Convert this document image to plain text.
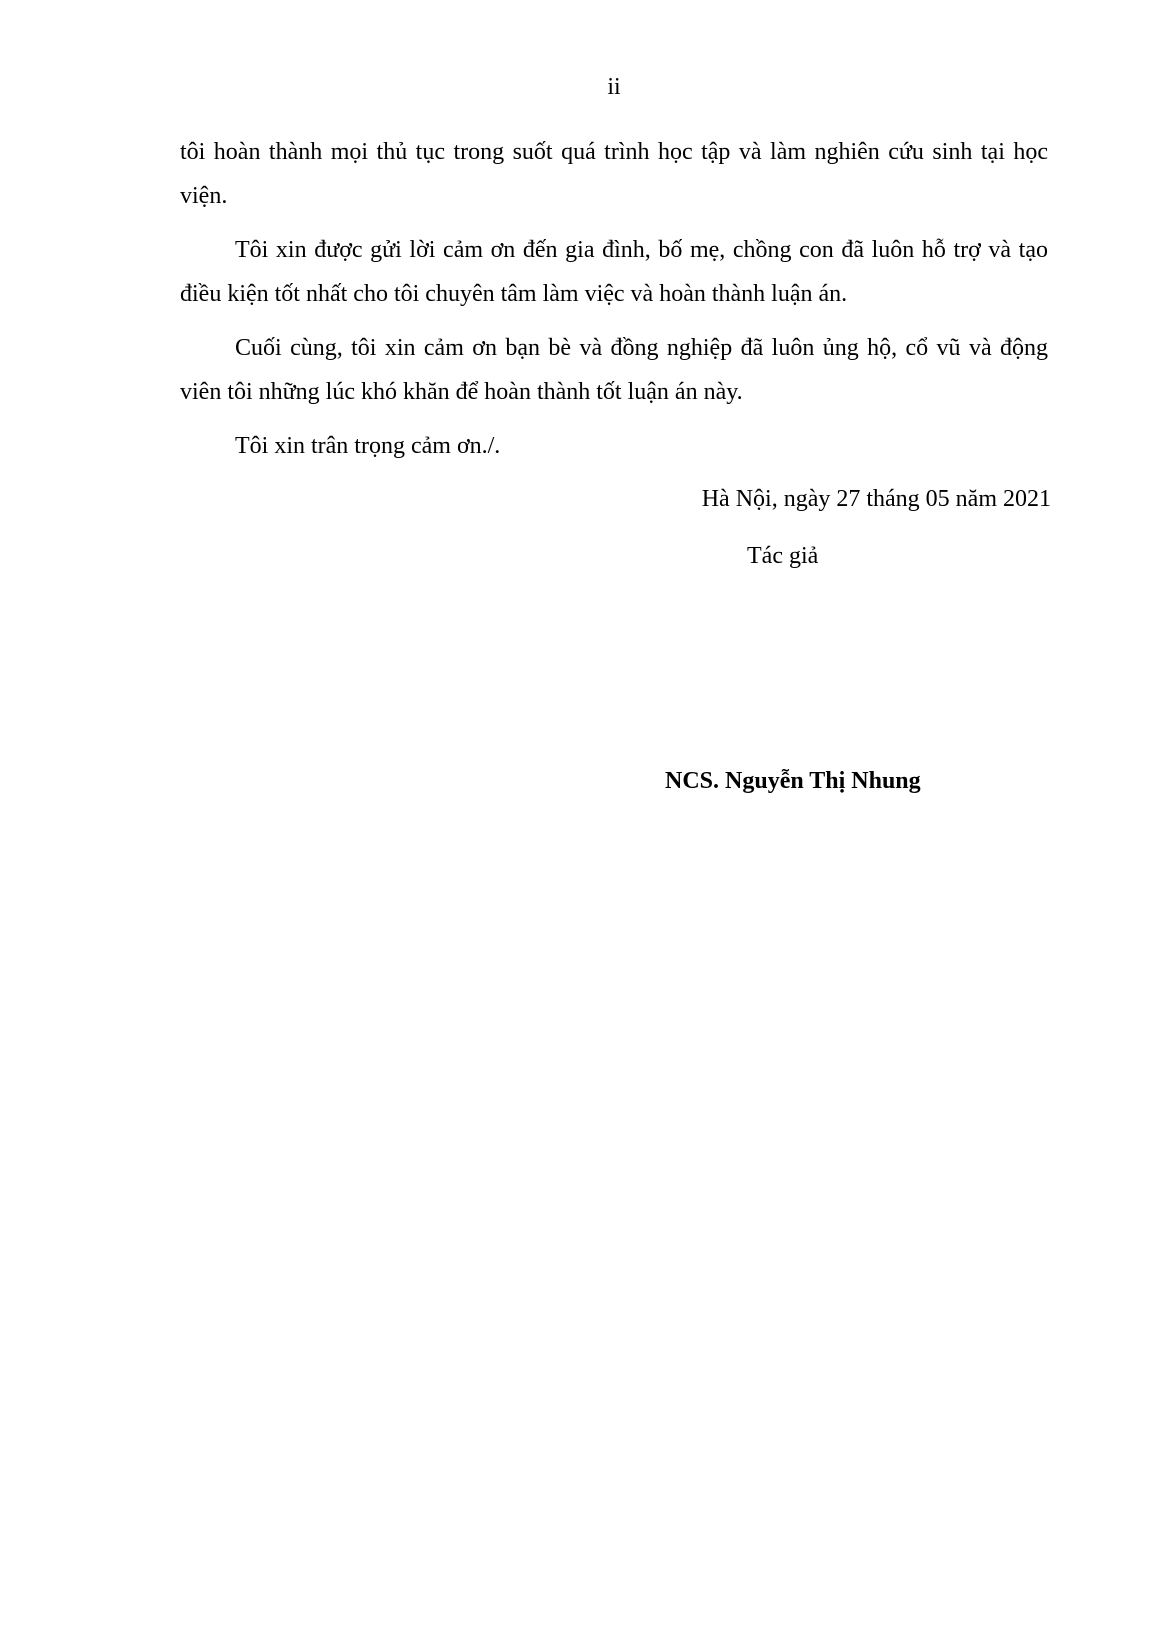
ii

tôi hoàn thành mọi thủ tục trong suốt quá trình học tập và làm nghiên cứu sinh tại học viện.

Tôi xin được gửi lời cảm ơn đến gia đình, bố mẹ, chồng con đã luôn hỗ trợ và tạo điều kiện tốt nhất cho tôi chuyên tâm làm việc và hoàn thành luận án.

Cuối cùng, tôi xin cảm ơn bạn bè và đồng nghiệp đã luôn ủng hộ, cổ vũ và động viên tôi những lúc khó khăn để hoàn thành tốt luận án này.

Tôi xin trân trọng cảm ơn./.

Hà Nội, ngày 27 tháng 05 năm 2021
Tác giả
NCS. Nguyễn Thị Nhung
